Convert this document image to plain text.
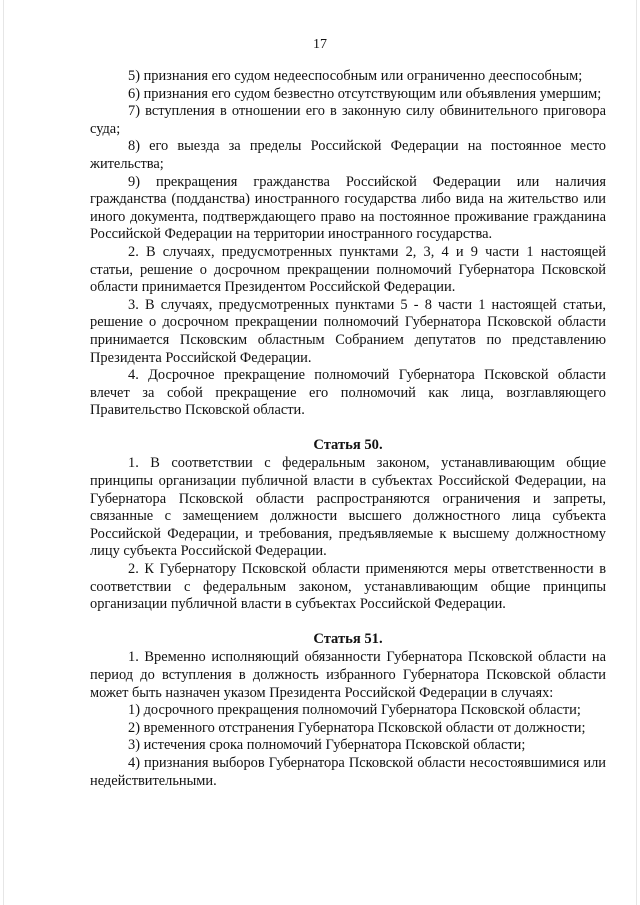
17

5) признания его судом недееспособным или ограниченно дееспособным;

6) признания его судом безвестно отсутствующим или объявления умершим;

7) вступления в отношении его в законную силу обвинительного приговора суда;

8) его выезда за пределы Российской Федерации на постоянное место жительства;

9) прекращения гражданства Российской Федерации или наличия гражданства (подданства) иностранного государства либо вида на жительство или иного документа, подтверждающего право на постоянное проживание гражданина Российской Федерации на территории иностранного государства.

2. В случаях, предусмотренных пунктами 2, 3, 4 и 9 части 1 настоящей статьи, решение о досрочном прекращении полномочий Губернатора Псковской области принимается Президентом Российской Федерации.

3. В случаях, предусмотренных пунктами 5 - 8 части 1 настоящей статьи, решение о досрочном прекращении полномочий Губернатора Псковской области принимается Псковским областным Собранием депутатов по представлению Президента Российской Федерации.

4. Досрочное прекращение полномочий Губернатора Псковской области влечет за собой прекращение его полномочий как лица, возглавляющего Правительство Псковской области.

Статья 50.

1. В соответствии с федеральным законом, устанавливающим общие принципы организации публичной власти в субъектах Российской Федерации, на Губернатора Псковской области распространяются ограничения и запреты, связанные с замещением должности высшего должностного лица субъекта Российской Федерации, и требования, предъявляемые к высшему должностному лицу субъекта Российской Федерации.

2. К Губернатору Псковской области применяются меры ответственности в соответствии с федеральным законом, устанавливающим общие принципы организации публичной власти в субъектах Российской Федерации.

Статья 51.

1. Временно исполняющий обязанности Губернатора Псковской области на период до вступления в должность избранного Губернатора Псковской области может быть назначен указом Президента Российской Федерации в случаях:

1) досрочного прекращения полномочий Губернатора Псковской области;

2) временного отстранения Губернатора Псковской области от должности;

3) истечения срока полномочий Губернатора Псковской области;

4) признания выборов Губернатора Псковской области несостоявшимися или недействительными.
